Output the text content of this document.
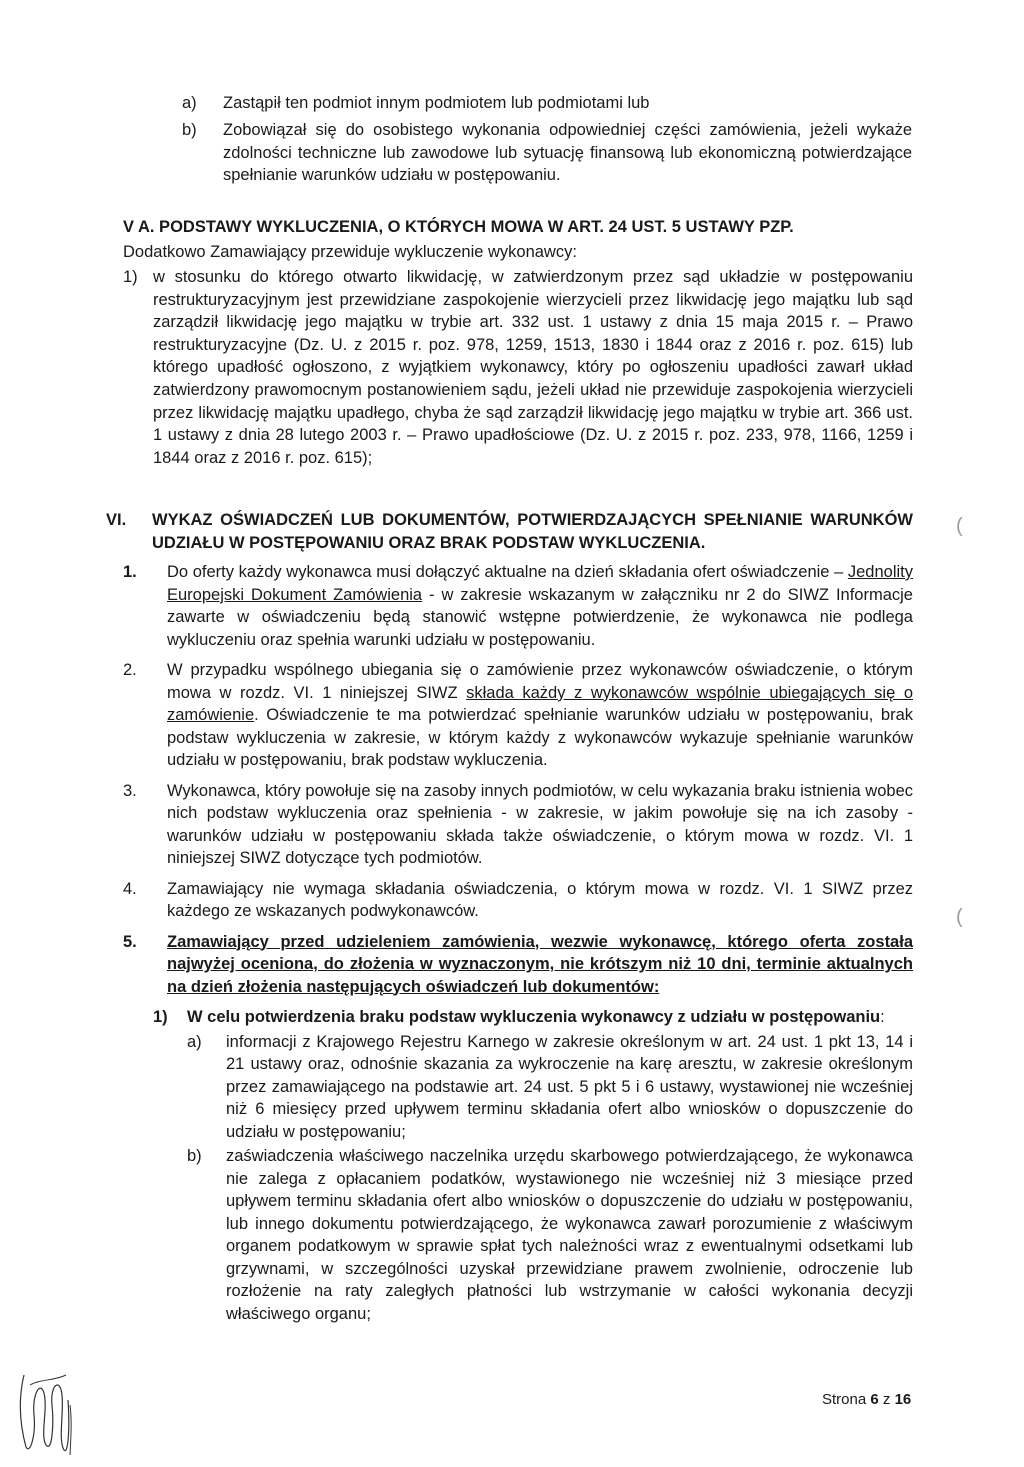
a) Zastąpił ten podmiot innym podmiotem lub podmiotami lub
b) Zobowiązał się do osobistego wykonania odpowiedniej części zamówienia, jeżeli wykaże zdolności techniczne lub zawodowe lub sytuację finansową lub ekonomiczną potwierdzające spełnianie warunków udziału w postępowaniu.
V A. PODSTAWY WYKLUCZENIA, O KTÓRYCH MOWA W ART. 24 UST. 5 USTAWY PZP.
Dodatkowo Zamawiający przewiduje wykluczenie wykonawcy:
1) w stosunku do którego otwarto likwidację, w zatwierdzonym przez sąd układzie w postępowaniu restrukturyzacyjnym jest przewidziane zaspokojenie wierzycieli przez likwidację jego majątku lub sąd zarządził likwidację jego majątku w trybie art. 332 ust. 1 ustawy z dnia 15 maja 2015 r. – Prawo restrukturyzacyjne (Dz. U. z 2015 r. poz. 978, 1259, 1513, 1830 i 1844 oraz z 2016 r. poz. 615) lub którego upadłość ogłoszono, z wyjątkiem wykonawcy, który po ogłoszeniu upadłości zawarł układ zatwierdzony prawomocnym postanowieniem sądu, jeżeli układ nie przewiduje zaspokojenia wierzycieli przez likwidację majątku upadłego, chyba że sąd zarządził likwidację jego majątku w trybie art. 366 ust. 1 ustawy z dnia 28 lutego 2003 r. – Prawo upadłościowe (Dz. U. z 2015 r. poz. 233, 978, 1166, 1259 i 1844 oraz z 2016 r. poz. 615);
VI. WYKAZ OŚWIADCZEŃ LUB DOKUMENTÓW, POTWIERDZAJĄCYCH SPEŁNIANIE WARUNKÓW UDZIAŁU W POSTĘPOWANIU ORAZ BRAK PODSTAW WYKLUCZENIA.
1. Do oferty każdy wykonawca musi dołączyć aktualne na dzień składania ofert oświadczenie – Jednolity Europejski Dokument Zamówienia - w zakresie wskazanym w załączniku nr 2 do SIWZ Informacje zawarte w oświadczeniu będą stanowić wstępne potwierdzenie, że wykonawca nie podlega wykluczeniu oraz spełnia warunki udziału w postępowaniu.
2. W przypadku wspólnego ubiegania się o zamówienie przez wykonawców oświadczenie, o którym mowa w rozdz. VI. 1 niniejszej SIWZ składa każdy z wykonawców wspólnie ubiegających się o zamówienie. Oświadczenie te ma potwierdzać spełnianie warunków udziału w postępowaniu, brak podstaw wykluczenia w zakresie, w którym każdy z wykonawców wykazuje spełnianie warunków udziału w postępowaniu, brak podstaw wykluczenia.
3. Wykonawca, który powołuje się na zasoby innych podmiotów, w celu wykazania braku istnienia wobec nich podstaw wykluczenia oraz spełnienia - w zakresie, w jakim powołuje się na ich zasoby - warunków udziału w postępowaniu składa także oświadczenie, o którym mowa w rozdz. VI. 1 niniejszej SIWZ dotyczące tych podmiotów.
4. Zamawiający nie wymaga składania oświadczenia, o którym mowa w rozdz. VI. 1 SIWZ przez każdego ze wskazanych podwykonawców.
5. Zamawiający przed udzieleniem zamówienia, wezwie wykonawcę, którego oferta została najwyżej oceniona, do złożenia w wyznaczonym, nie krótszym niż 10 dni, terminie aktualnych na dzień złożenia następujących oświadczeń lub dokumentów:
1) W celu potwierdzenia braku podstaw wykluczenia wykonawcy z udziału w postępowaniu:
a) informacji z Krajowego Rejestru Karnego w zakresie określonym w art. 24 ust. 1 pkt 13, 14 i 21 ustawy oraz, odnośnie skazania za wykroczenie na karę aresztu, w zakresie określonym przez zamawiającego na podstawie art. 24 ust. 5 pkt 5 i 6 ustawy, wystawionej nie wcześniej niż 6 miesięcy przed upływem terminu składania ofert albo wniosków o dopuszczenie do udziału w postępowaniu;
b) zaświadczenia właściwego naczelnika urzędu skarbowego potwierdzającego, że wykonawca nie zalega z opłacaniem podatków, wystawionego nie wcześniej niż 3 miesiące przed upływem terminu składania ofert albo wniosków o dopuszczenie do udziału w postępowaniu, lub innego dokumentu potwierdzającego, że wykonawca zawarł porozumienie z właściwym organem podatkowym w sprawie spłat tych należności wraz z ewentualnymi odsetkami lub grzywnami, w szczególności uzyskał przewidziane prawem zwolnienie, odroczenie lub rozłożenie na raty zaległych płatności lub wstrzymanie w całości wykonania decyzji właściwego organu;
(
(
Strona 6 z 16
